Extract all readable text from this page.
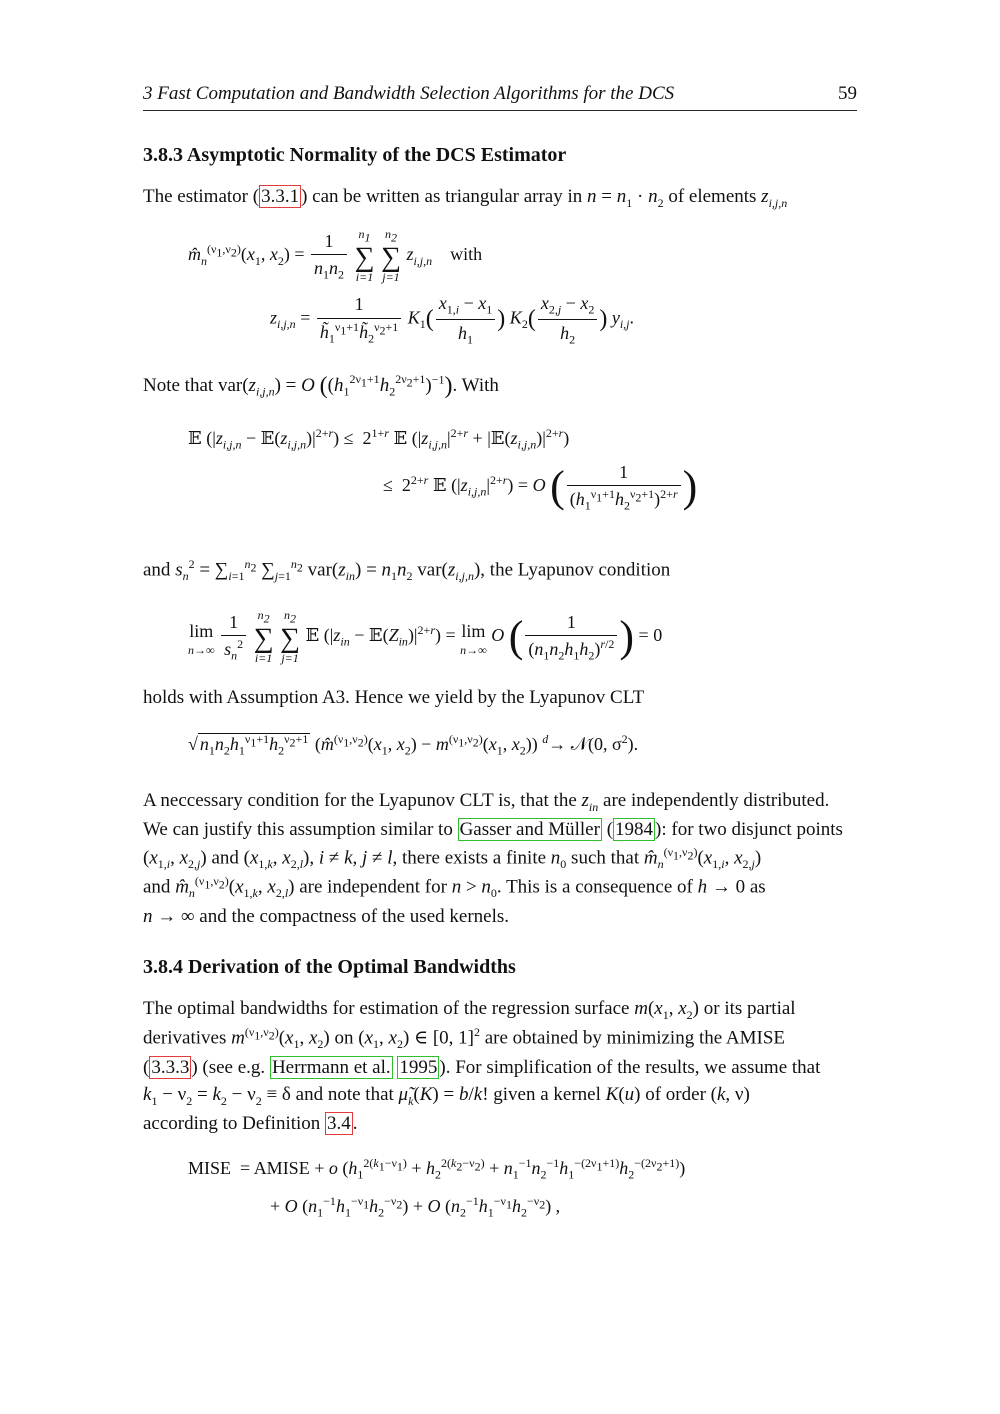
3 Fast Computation and Bandwidth Selection Algorithms for the DCS	59
3.8.3 Asymptotic Normality of the DCS Estimator

The estimator ( 3.3.1 ) can be written as triangular array in $n = n_1 \cdot n_2$ of elements $z_{i,j,n}$

$m̂_n^{(\nu_1,\nu_2)}(x_1$, $x_2) = \frac{1}{n_1n_2}$
$n_1$
∑
i=1

$n_2$
∑
j=1
$z_{i,j,n}$ with
$z_{i,j,n} = \frac{1}{h̃_1^{\nu_1+1}h̃_2^{\nu_2+1}} K_1( \frac{x_{1,i} - x_1}{h_1}$ ) $K_2( \frac{x_{2,j} - x_2}{h_2}$ ) $y_{i,j}$.

Note that $var(z_{i,j,n}) = O$ $((h_1^{2\nu_1+1}h_2^{2\nu_2+1})^{-1})$. With

𝔼 ($|z_{i,j,n}$ − $𝔼(z_{i,j,n})|^{2+r}) \le 2^{1+r}$ 𝔼 ($|z_{i,j,n}|^{2+r}$ + $|𝔼(z_{i,j,n})|^{2+r}$)
≤  $2^{2+r}$ 𝔼 $(|z_{i,j,n}|^{2+r}) = O$ ( $\frac{1}{(h_1^{\nu_1+1}h_2^{\nu_2+1})^{2+r}}$ )

and $s_n^2 = \sum_{i=1}^{n_2}$ $\sum_{j=1}^{n_2}$ $var(z_{in}) = n_1n_2$ $var(z_{i,j,n})$, the Lyapunov condition

lim
n→∞
$\frac{1}{s_n^2}$
$n_2$
∑
i=1

$n_2$
∑
j=1
𝔼 ($|z_{in}$ − $𝔼(Z_{in})|^{2+r}) = \lim$
n→∞
O ( $\frac{1}{(n_1n_2h_1h_2)^{r/2}}$ ) = 0

holds with Assumption A3. Hence we yield by the Lyapunov CLT

√ $n_1n_2h_1^{\nu_1+1}h_2^{\nu_2+1}$ ($m̂^{(\nu_1,\nu_2)}(x_1$, $x_2) - m^{(\nu_1,\nu_2)}(x_1$, $x_2$)) $^d$→ 𝒩(0, $\sigma^2$).

A neccessary condition for the Lyapunov CLT is, that the $z_{in}$ are independently distributed.

We can justify this assumption similar to Gasser and Müller ( 1984 ): for two disjunct points

($x_{1,i}$, $x_{2,j}$) and ($x_{1,k}$, $x_{2,l}$), i ≠ k, j ≠ l, there exists a finite $n_0$ such that $m̂_n^{(\nu_1,\nu_2)}(x_{1,i}$, $x_{2,j}$)

and $m̂_n^{(\nu_1,\nu_2)}(x_{1,k}$, $x_{2,l}$) are independent for $n > n_0$. This is a consequence of h → 0 as

n → ∞ and the compactness of the used kernels.

3.8.4 Derivation of the Optimal Bandwidths

The optimal bandwidths for estimation of the regression surface $m(x_1$, $x_2$) or its partial

derivatives $m^{(\nu_1,\nu_2)}(x_1$, $x_2$) on ($x_1$, $x_2$) ∈ [0, 1]$^2$ are obtained by minimizing the AMISE

( 3.3.3 ) (see e.g. Herrmann et al. 1995 ). For simplification of the results, we assume that

$k_1 - \nu_2 = k_2 - \nu_2 \equiv \delta$ and note that $\mũ_k(K) = b/k$! given a kernel K(u) of order (k, ν)

according to Definition 3.4 .

MISE  = AMISE + o $(h_1^{2(k_1-\nu_1)} + h_2^{2(k_2-\nu_2)} + n_1^{-1}n_2^{-1}h_1^{-(2\nu_1+1)}h_2^{-(2\nu_2+1)})$
+ O $(n_1^{-1}h_1^{-\nu_1}h_2^{-\nu_2}) + O$ $(n_2^{-1}h_1^{-\nu_1}h_2^{-\nu_2})$ ,
